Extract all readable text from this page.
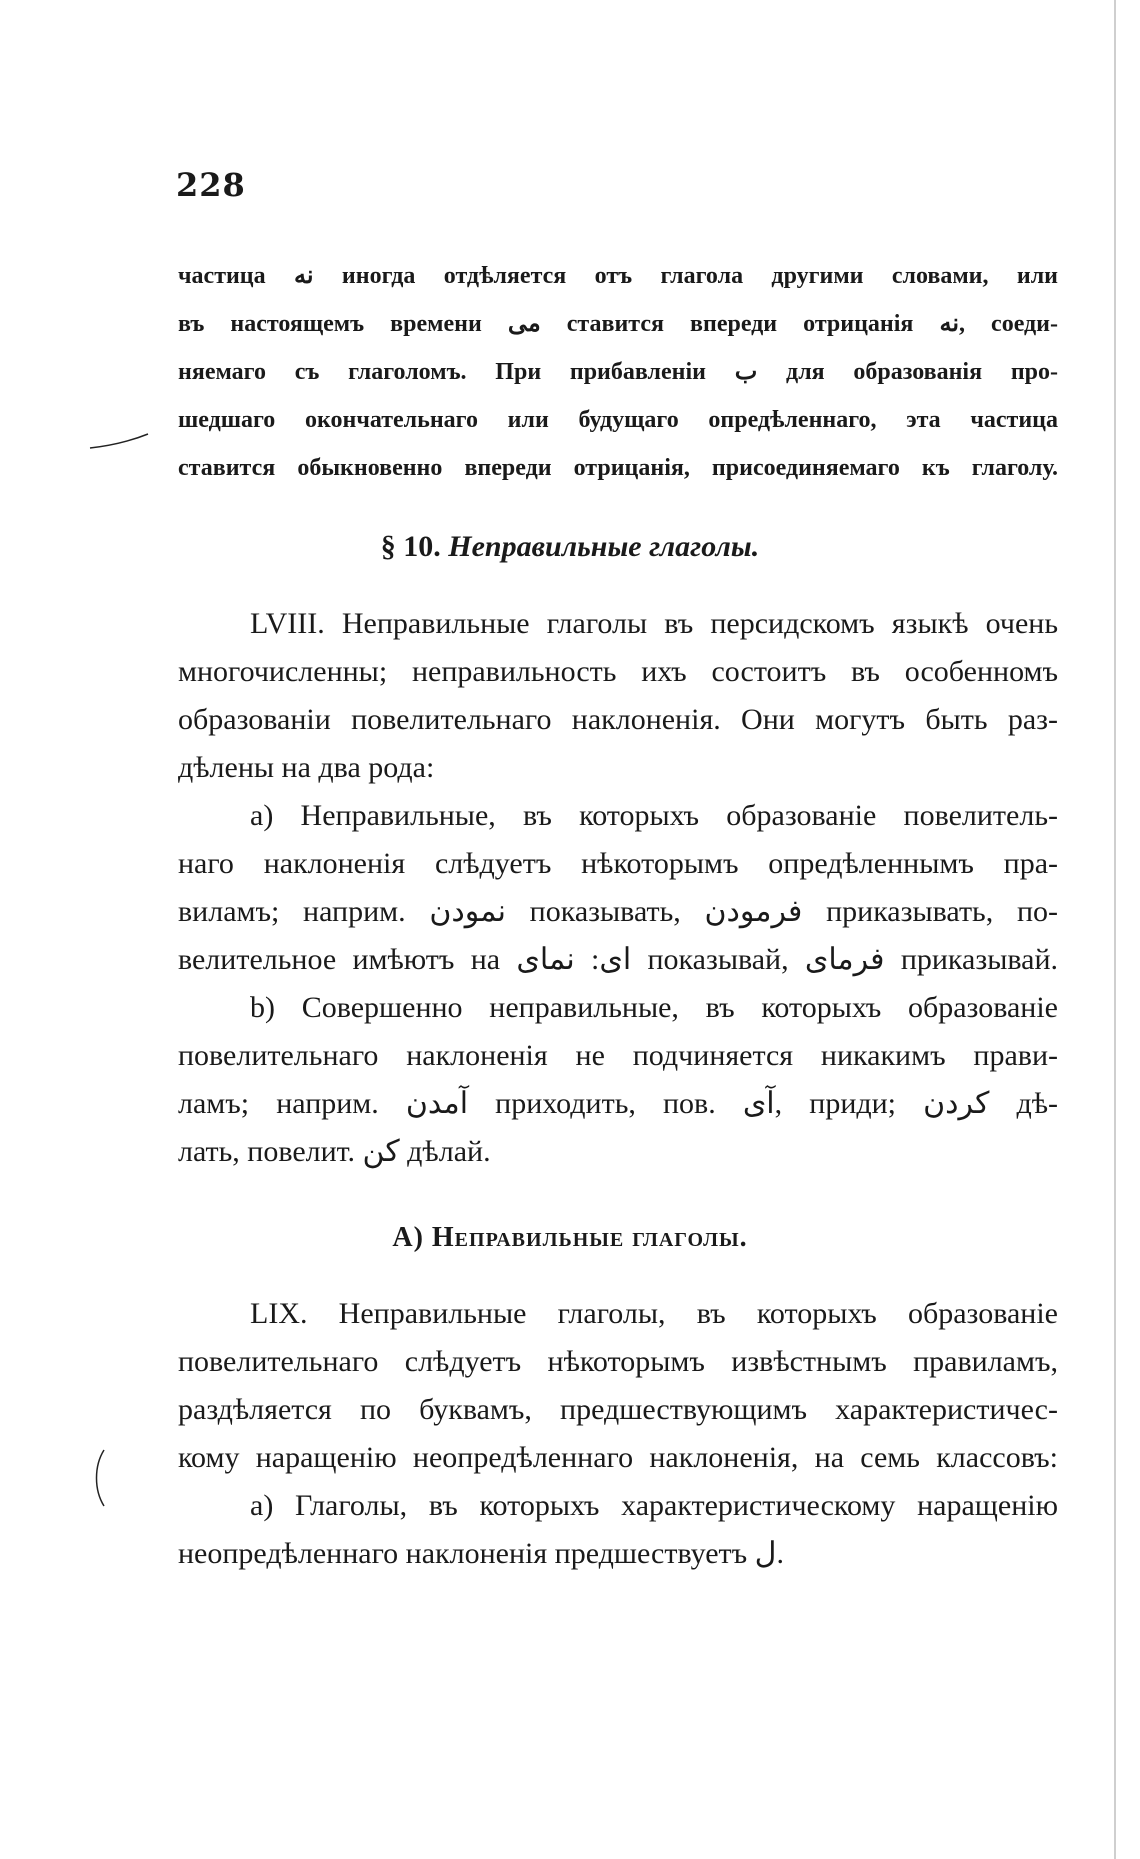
228
частица نه иногда отдѣляется отъ глагола другими словами, или
въ настоящемъ времени مى ставится впереди отрицанія نه, соеди-
няемаго съ глаголомъ. При прибавленіи ب для образованія про-
шедшаго окончательнаго или будущаго опредѣленнаго, эта частица
ставится обыкновенно впереди отрицанія, присоединяемаго къ глаголу.
§ 10. Неправильные глаголы.
LVIII. Неправильные глаголы въ персидскомъ языкѣ очень
многочисленны; неправильность ихъ состоитъ въ особенномъ
образованіи повелительнаго наклоненія. Они могутъ быть раз-
дѣлены на два рода:
a) Неправильные, въ которыхъ образованіе повелитель-
наго наклоненія слѣдуетъ нѣкоторымъ опредѣленнымъ пра-
виламъ; наприм. نمودن показывать, فرمودن приказывать, по-
велительное имѣютъ на اى: نماى показывай, فرماى приказывай.
b) Совершенно неправильные, въ которыхъ образованіе
повелительнаго наклоненія не подчиняется никакимъ прави-
ламъ; наприм. آمدن приходить, пов. آى, приди; كردن дѣ-
лать, повелит. كن дѣлай.
А) Неправильные глаголы.
LIX. Неправильные глаголы, въ которыхъ образованіе
повелительнаго слѣдуетъ нѣкоторымъ извѣстнымъ правиламъ,
раздѣляется по буквамъ, предшествующимъ характеристичес-
кому наращенію неопредѣленнаго наклоненія, на семь классовъ:
a) Глаголы, въ которыхъ характеристическому наращенію
неопредѣленнаго наклоненія предшествуетъ ل.
